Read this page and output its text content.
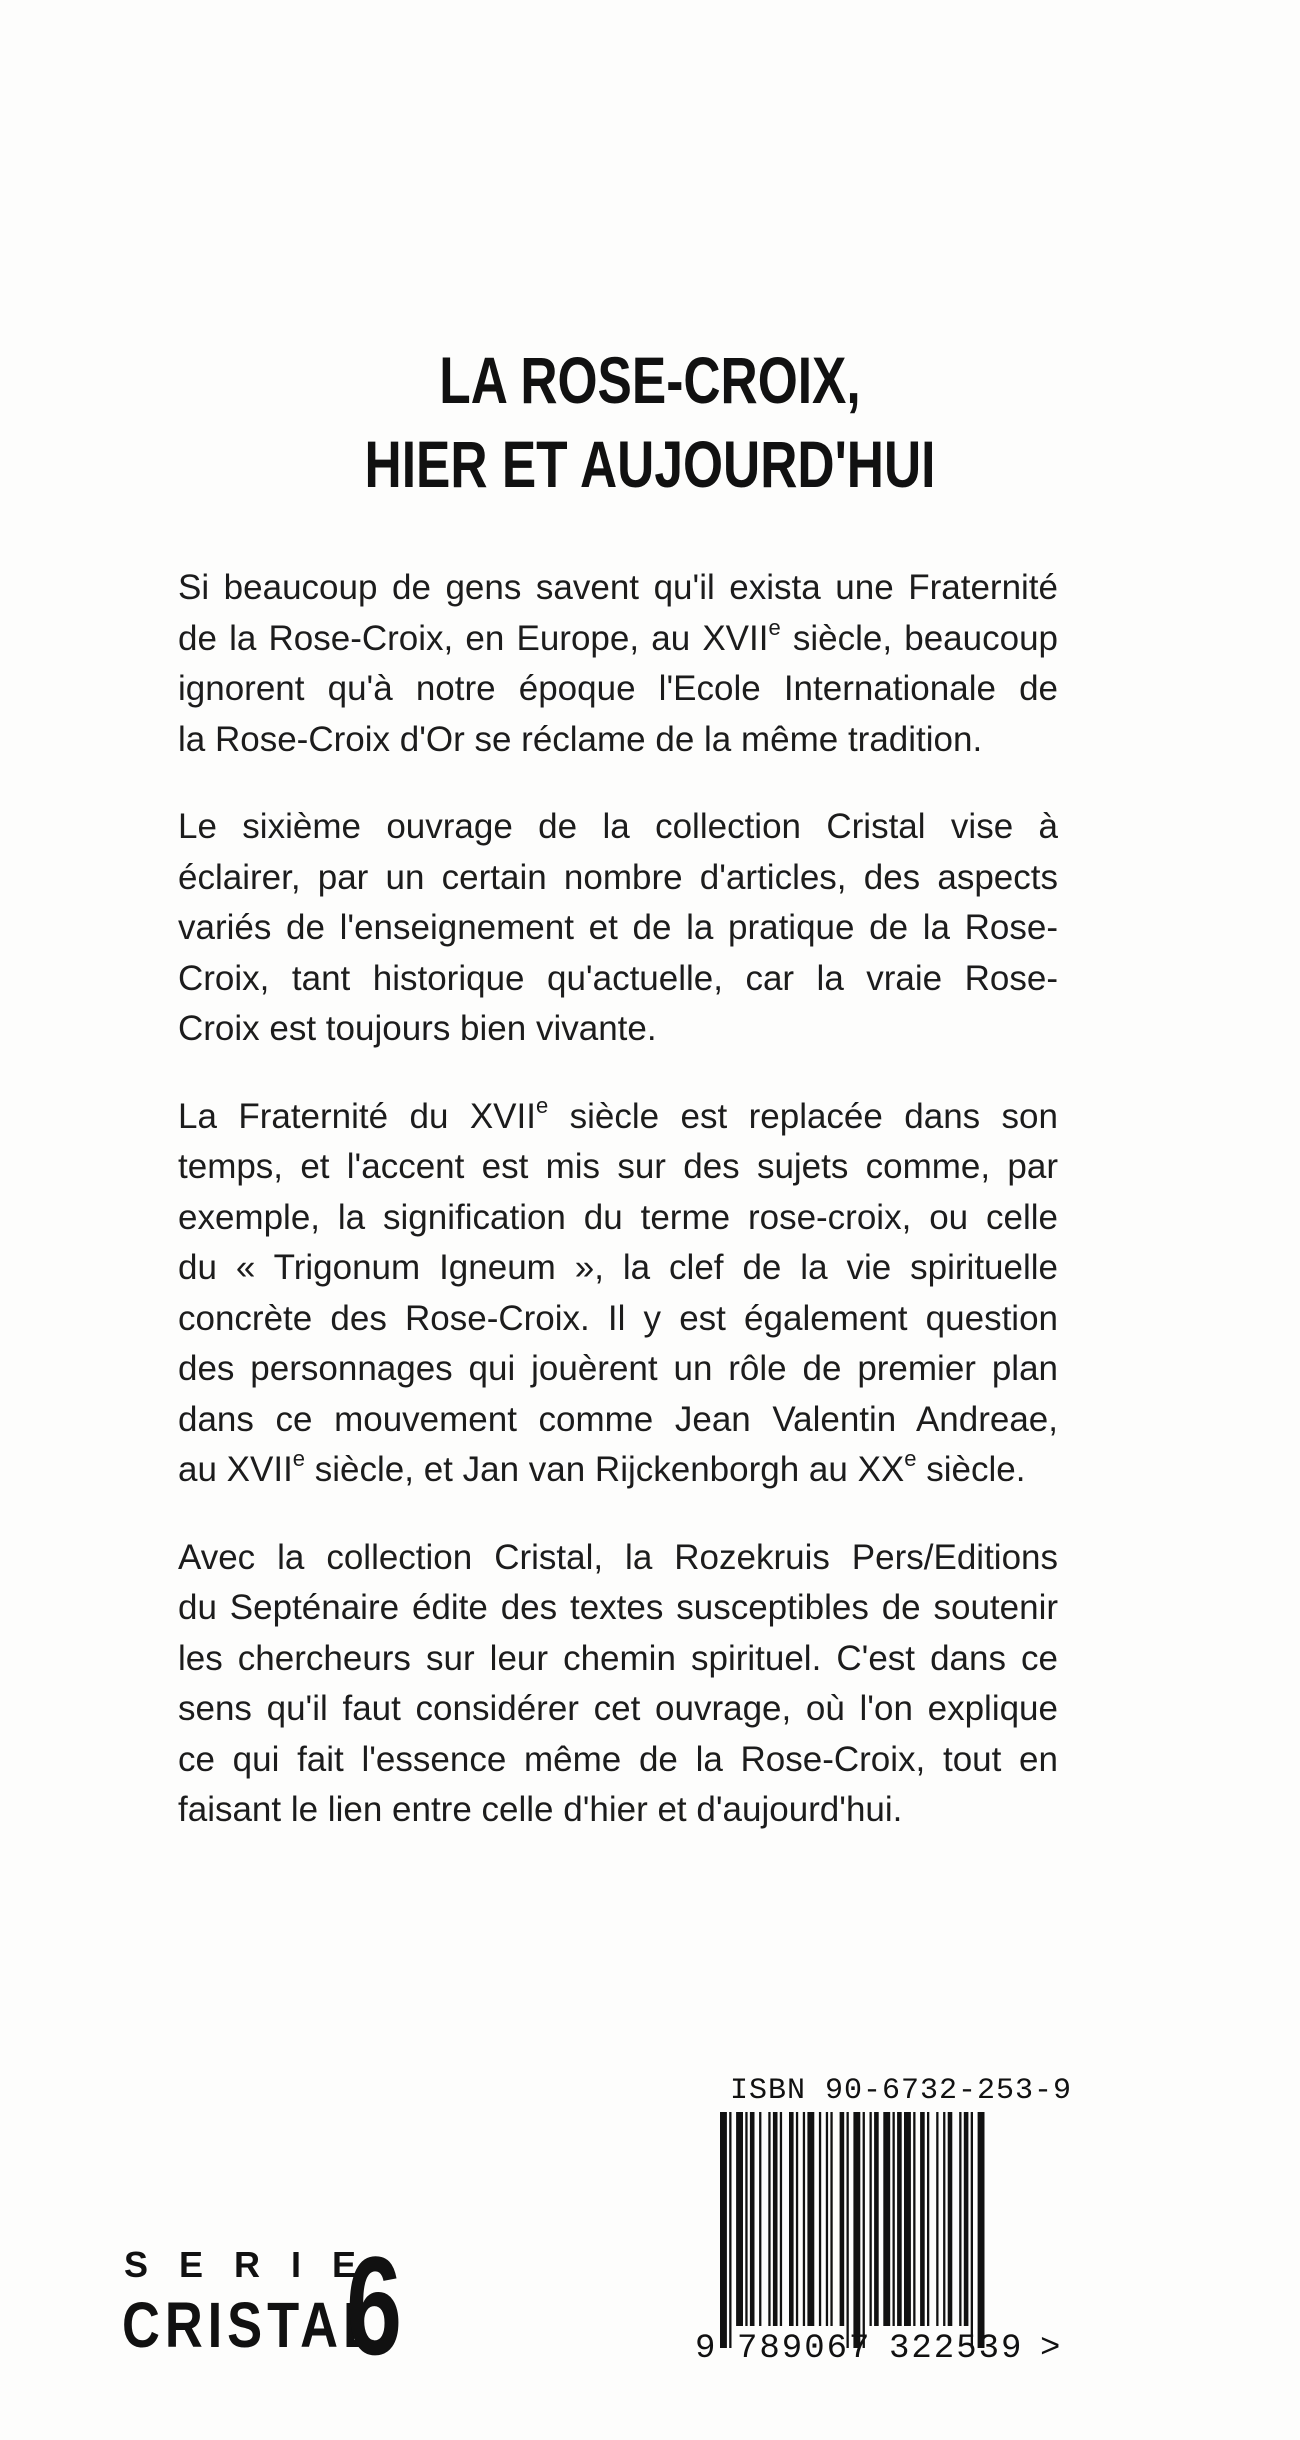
LA ROSE-CROIX,
HIER ET AUJOURD'HUI

Si beaucoup de gens savent qu'il exista une Fraternité
de la Rose-Croix, en Europe, au XVIIe siècle, beaucoup
ignorent qu'à notre époque l'Ecole Internationale de
la Rose-Croix d'Or se réclame de la même tradition.

Le sixième ouvrage de la collection Cristal vise à
éclairer, par un certain nombre d'articles, des aspects
variés de l'enseignement et de la pratique de la Rose-
Croix, tant historique qu'actuelle, car la vraie Rose-
Croix est toujours bien vivante.

La Fraternité du XVIIe siècle est replacée dans son
temps, et l'accent est mis sur des sujets comme, par
exemple, la signification du terme rose-croix, ou celle
du « Trigonum Igneum », la clef de la vie spirituelle
concrète des Rose-Croix. Il y est également question
des personnages qui jouèrent un rôle de premier plan
dans ce mouvement comme Jean Valentin Andreae,
au XVIIe siècle, et Jan van Rijckenborgh au XXe siècle.

Avec la collection Cristal, la Rozekruis Pers/Editions
du Septénaire édite des textes susceptibles de soutenir
les chercheurs sur leur chemin spirituel. C'est dans ce
sens qu'il faut considérer cet ouvrage, où l'on explique
ce qui fait l'essence même de la Rose-Croix, tout en
faisant le lien entre celle d'hier et d'aujourd'hui.

SERIE
CRISTAL
6
ISBN 90-6732-253-9
9 789067 322539 >
